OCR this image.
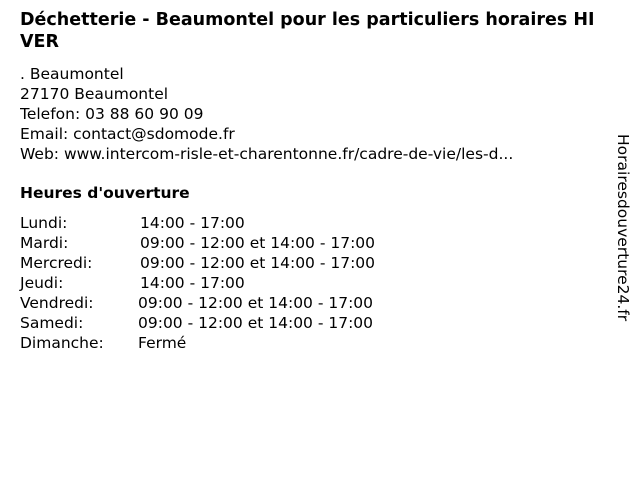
Déchetterie - Beaumontel pour les particuliers horaires HIVER
. Beaumontel
27170 Beaumontel
Telefon: 03 88 60 90 09
Email: contact@sdomode.fr
Web: www.intercom-risle-et-charentonne.fr/cadre-de-vie/les-d...
Heures d'ouverture
Lundi:	14:00 - 17:00
Mardi:	09:00 - 12:00 et 14:00 - 17:00
Mercredi:	09:00 - 12:00 et 14:00 - 17:00
Jeudi:	14:00 - 17:00
Vendredi:	09:00 - 12:00 et 14:00 - 17:00
Samedi:	09:00 - 12:00 et 14:00 - 17:00
Dimanche: Fermé
Horairesdouverture24.fr
